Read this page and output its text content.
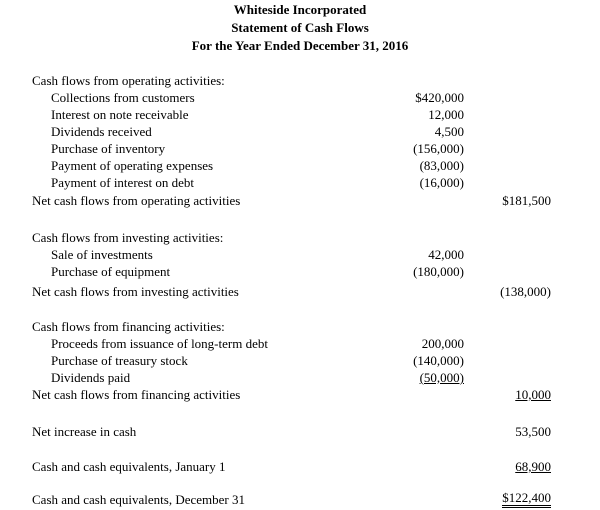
Whiteside Incorporated
Statement of Cash Flows
For the Year Ended December 31, 2016
Cash flows from operating activities:
Collections from customers	$420,000
Interest on note receivable	12,000
Dividends received	4,500
Purchase of inventory	(156,000)
Payment of operating expenses	(83,000)
Payment of interest on debt	(16,000)
Net cash flows from operating activities	$181,500
Cash flows from investing activities:
Sale of investments	42,000
Purchase of equipment	(180,000)
Net cash flows from investing activities	(138,000)
Cash flows from financing activities:
Proceeds from issuance of long-term debt	200,000
Purchase of treasury stock	(140,000)
Dividends paid	(50,000)
Net cash flows from financing activities	10,000
Net increase in cash	53,500
Cash and cash equivalents, January 1	68,900
Cash and cash equivalents, December 31	$122,400
